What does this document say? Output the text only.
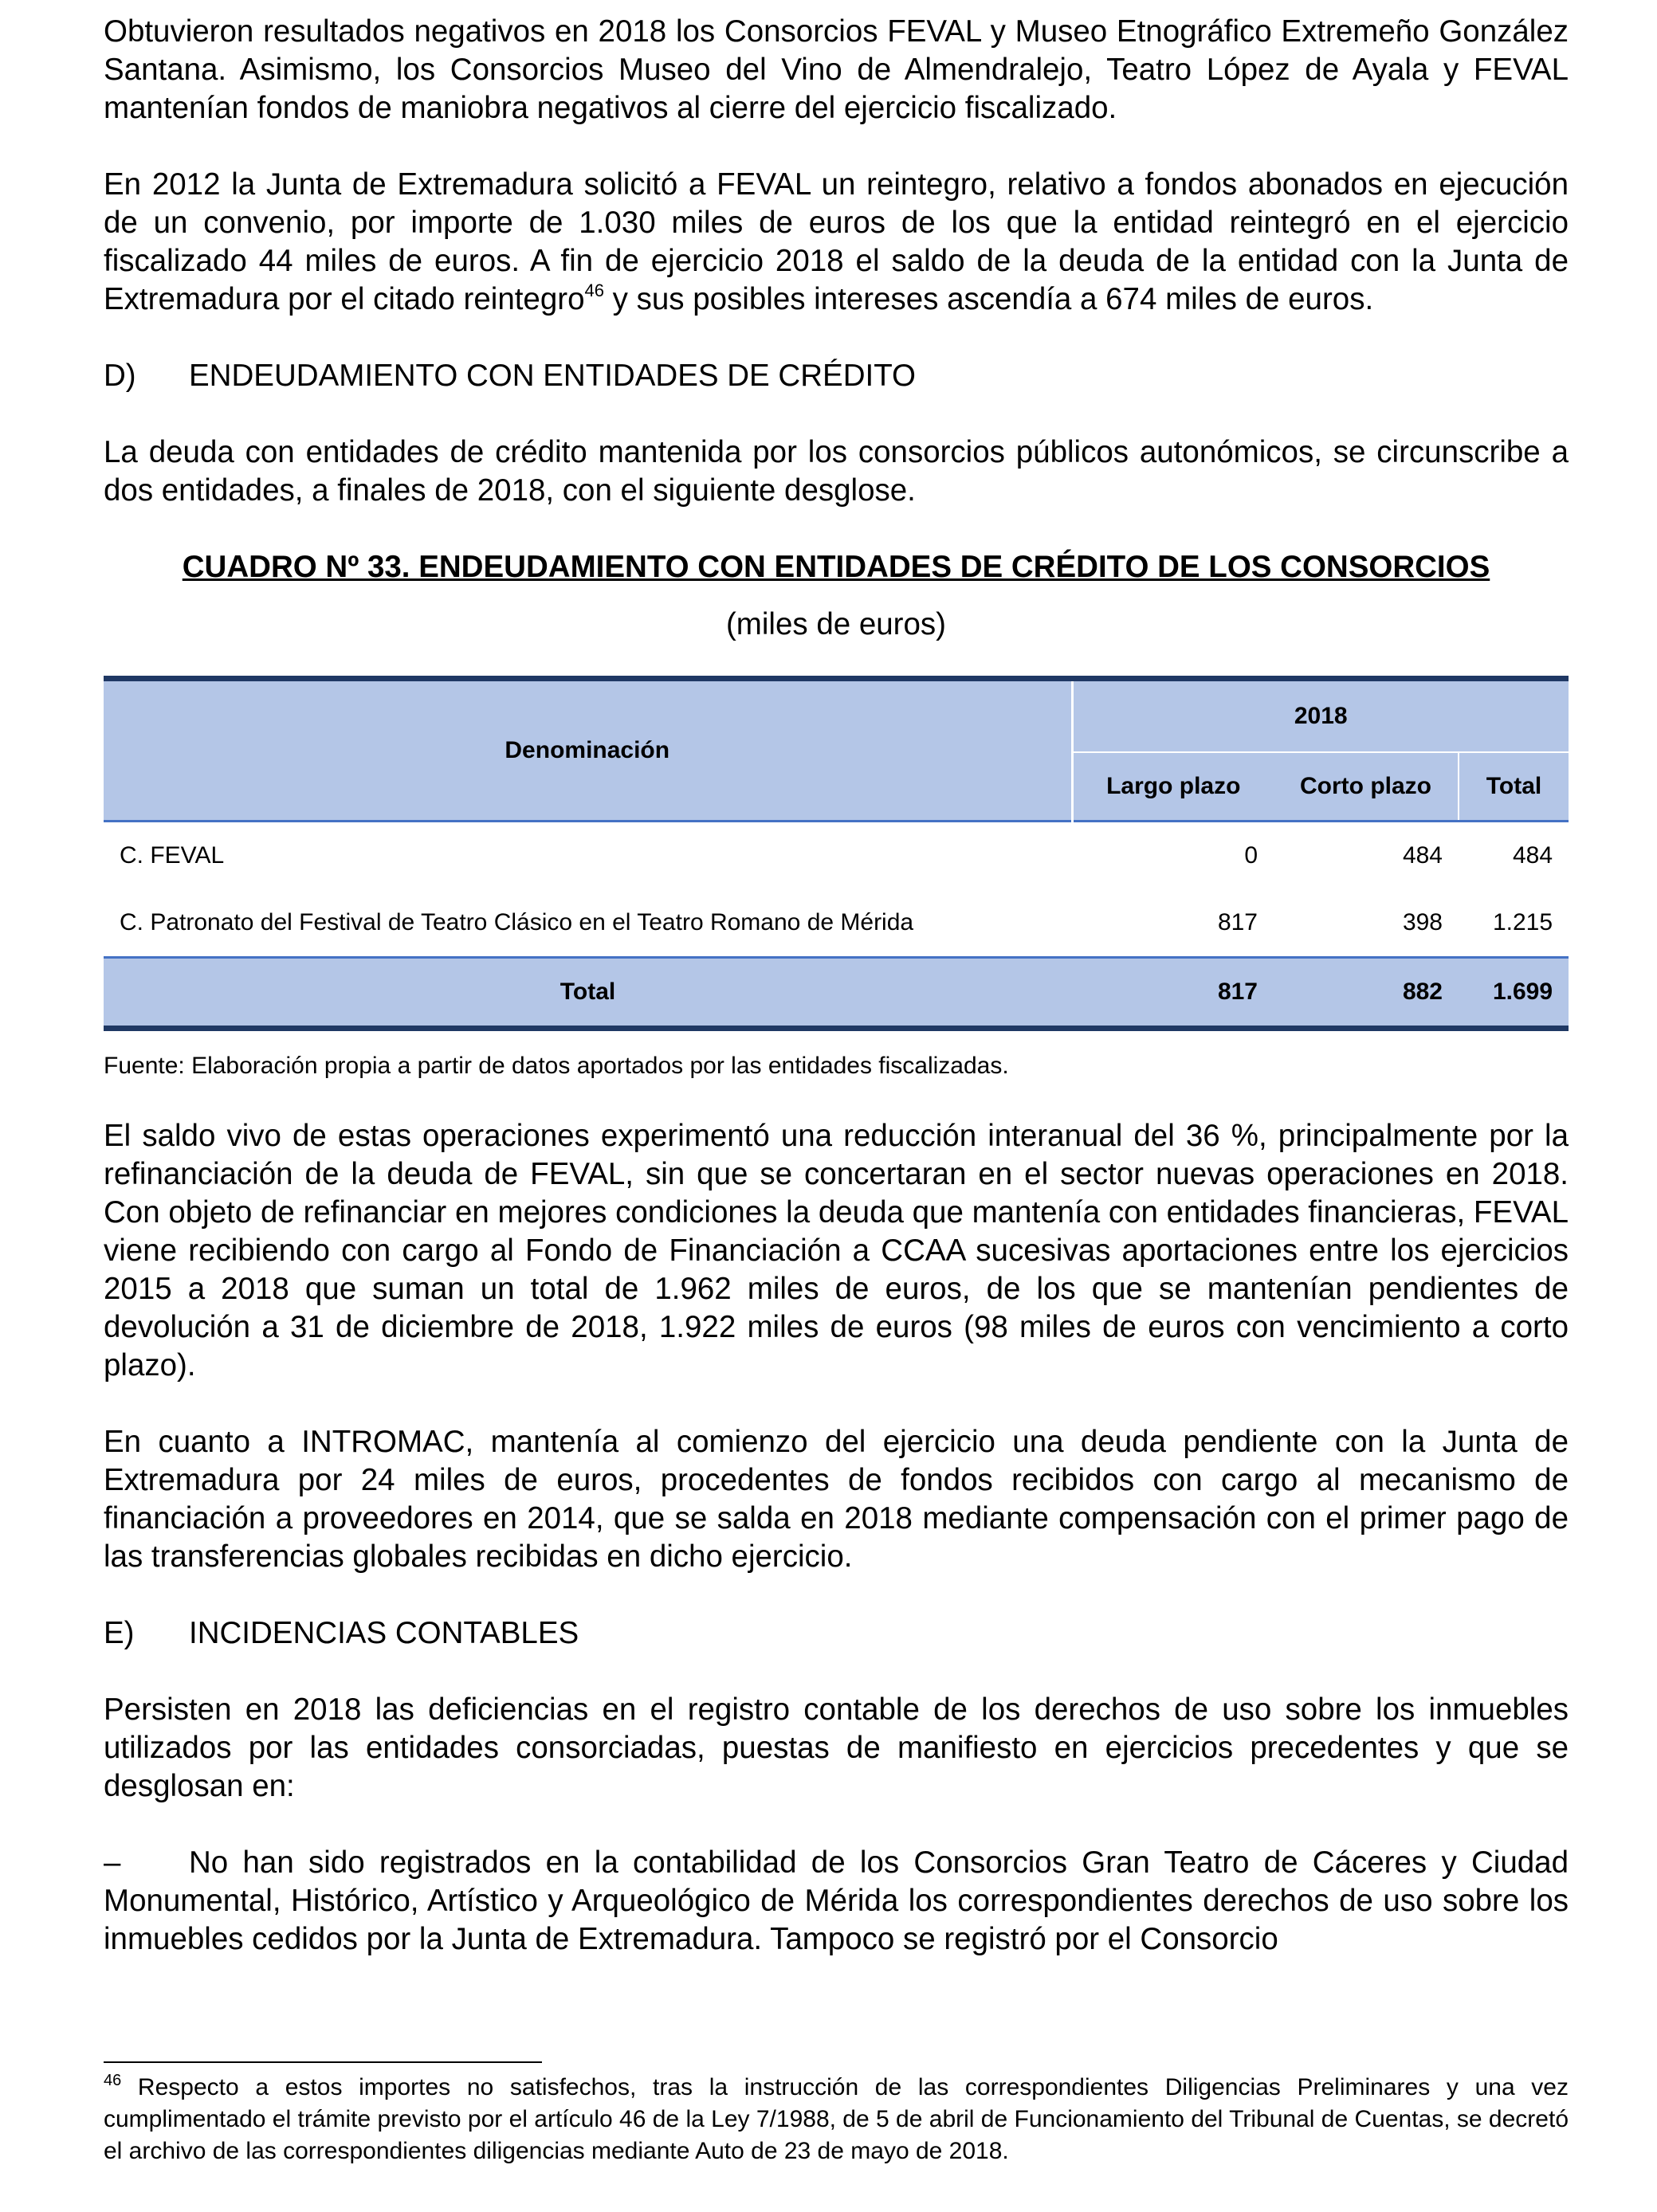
Obtuvieron resultados negativos en 2018 los Consorcios FEVAL y Museo Etnográfico Extremeño González Santana. Asimismo, los Consorcios Museo del Vino de Almendralejo, Teatro López de Ayala y FEVAL mantenían fondos de maniobra negativos al cierre del ejercicio fiscalizado.

En 2012 la Junta de Extremadura solicitó a FEVAL un reintegro, relativo a fondos abonados en ejecución de un convenio, por importe de 1.030 miles de euros de los que la entidad reintegró en el ejercicio fiscalizado 44 miles de euros. A fin de ejercicio 2018 el saldo de la deuda de la entidad con la Junta de Extremadura por el citado reintegro$^{46}$ y sus posibles intereses ascendía a 674 miles de euros.

D)	ENDEUDAMIENTO CON ENTIDADES DE CRÉDITO

La deuda con entidades de crédito mantenida por los consorcios públicos autonómicos, se circunscribe a dos entidades, a finales de 2018, con el siguiente desglose.

CUADRO Nº 33. ENDEUDAMIENTO CON ENTIDADES DE CRÉDITO DE LOS CONSORCIOS
(miles de euros)
Denominación	2018		
	Largo plazo	Corto plazo	Total
C. FEVAL	0	484	484
C. Patronato del Festival de Teatro Clásico en el Teatro Romano de Mérida	817	398	1.215
Total	817	882	1.699

Fuente: Elaboración propia a partir de datos aportados por las entidades fiscalizadas.

El saldo vivo de estas operaciones experimentó una reducción interanual del 36 %, principalmente por la refinanciación de la deuda de FEVAL, sin que se concertaran en el sector nuevas operaciones en 2018. Con objeto de refinanciar en mejores condiciones la deuda que mantenía con entidades financieras, FEVAL viene recibiendo con cargo al Fondo de Financiación a CCAA sucesivas aportaciones entre los ejercicios 2015 a 2018 que suman un total de 1.962 miles de euros, de los que se mantenían pendientes de devolución a 31 de diciembre de 2018, 1.922 miles de euros (98 miles de euros con vencimiento a corto plazo).

En cuanto a INTROMAC, mantenía al comienzo del ejercicio una deuda pendiente con la Junta de Extremadura por 24 miles de euros, procedentes de fondos recibidos con cargo al mecanismo de financiación a proveedores en 2014, que se salda en 2018 mediante compensación con el primer pago de las transferencias globales recibidas en dicho ejercicio.

E)	INCIDENCIAS CONTABLES

Persisten en 2018 las deficiencias en el registro contable de los derechos de uso sobre los inmuebles utilizados por las entidades consorciadas, puestas de manifiesto en ejercicios precedentes y que se desglosan en:

– No han sido registrados en la contabilidad de los Consorcios Gran Teatro de Cáceres y Ciudad Monumental, Histórico, Artístico y Arqueológico de Mérida los correspondientes derechos de uso sobre los inmuebles cedidos por la Junta de Extremadura. Tampoco se registró por el Consorcio

$^{46}$ Respecto a estos importes no satisfechos, tras la instrucción de las correspondientes Diligencias Preliminares y una vez cumplimentado el trámite previsto por el artículo 46 de la Ley 7/1988, de 5 de abril de Funcionamiento del Tribunal de Cuentas, se decretó el archivo de las correspondientes diligencias mediante Auto de 23 de mayo de 2018.
